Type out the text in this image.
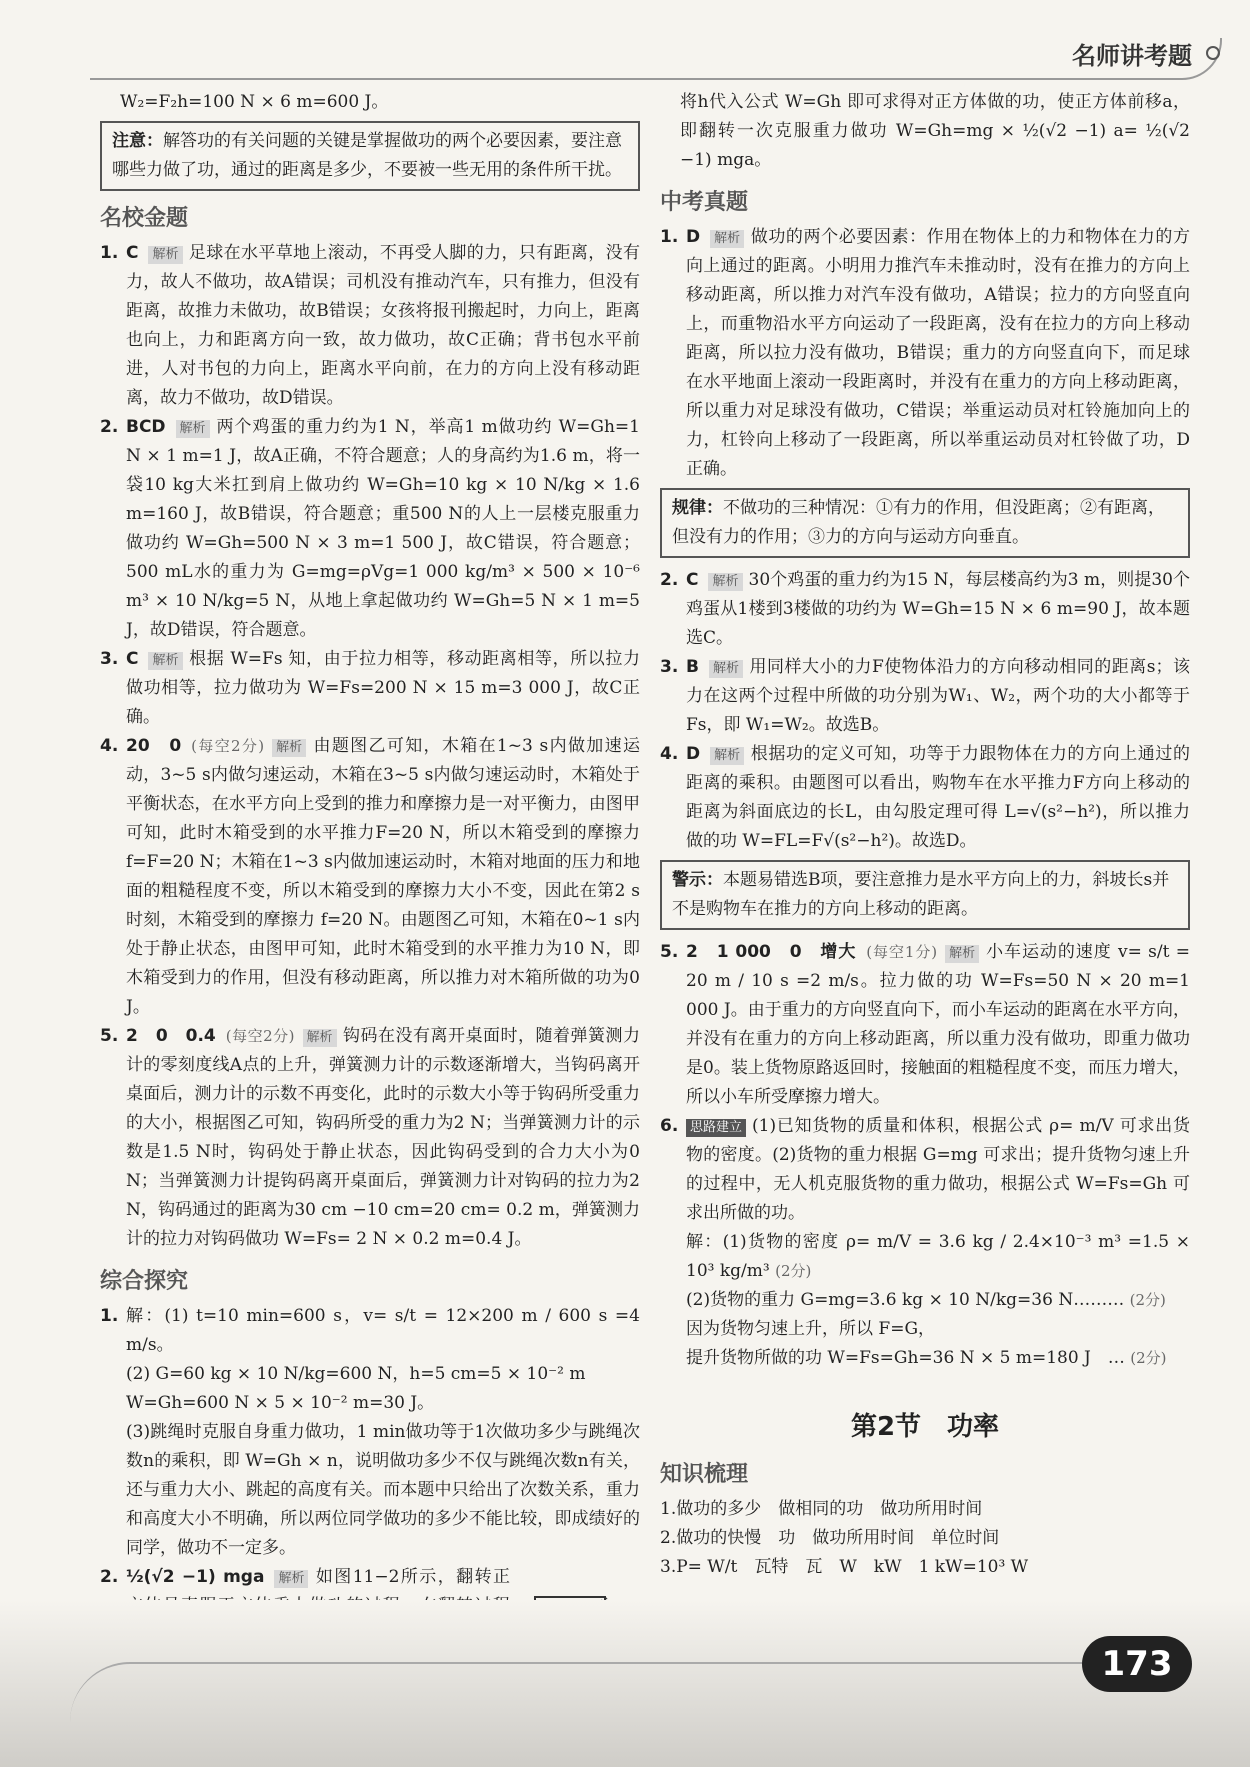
名师讲考题

W₂=F₂h=100 N × 6 m=600 J。

注意：解答功的有关问题的关键是掌握做功的两个必要因素，要注意哪些力做了功，通过的距离是多少，不要被一些无用的条件所干扰。
名校金题
1. C 解析 足球在水平草地上滚动，不再受人脚的力，只有距离，没有力，故人不做功，故A错误；司机没有推动汽车，只有推力，但没有距离，故推力未做功，故B错误；女孩将报刊搬起时，力向上，距离也向上，力和距离方向一致，故力做功，故C正确；背书包水平前进，人对书包的力向上，距离水平向前，在力的方向上没有移动距离，故力不做功，故D错误。

2. BCD 解析 两个鸡蛋的重力约为1 N，举高1 m做功约 W=Gh=1 N × 1 m=1 J，故A正确，不符合题意；人的身高约为1.6 m，将一袋10 kg大米扛到肩上做功约 W=Gh=10 kg × 10 N/kg × 1.6 m=160 J，故B错误，符合题意；重500 N的人上一层楼克服重力做功约 W=Gh=500 N × 3 m=1 500 J，故C错误，符合题意；500 mL水的重力为 G=mg=ρVg=1 000 kg/m³ × 500 × 10⁻⁶ m³ × 10 N/kg=5 N，从地上拿起做功约 W=Gh=5 N × 1 m=5 J，故D错误，符合题意。

3. C 解析 根据 W=Fs 知，由于拉力相等，移动距离相等，所以拉力做功相等，拉力做功为 W=Fs=200 N × 15 m=3 000 J，故C正确。

4. 20　0 (每空2分) 解析 由题图乙可知，木箱在1~3 s内做加速运动，3~5 s内做匀速运动，木箱在3~5 s内做匀速运动时，木箱处于平衡状态，在水平方向上受到的推力和摩擦力是一对平衡力，由图甲可知，此时木箱受到的水平推力F=20 N，所以木箱受到的摩擦力 f=F=20 N；木箱在1~3 s内做加速运动时，木箱对地面的压力和地面的粗糙程度不变，所以木箱受到的摩擦力大小不变，因此在第2 s时刻，木箱受到的摩擦力 f=20 N。由题图乙可知，木箱在0~1 s内处于静止状态，由图甲可知，此时木箱受到的水平推力为10 N，即木箱受到力的作用，但没有移动距离，所以推力对木箱所做的功为0 J。

5. 2　0　0.4 (每空2分) 解析 钩码在没有离开桌面时，随着弹簧测力计的零刻度线A点的上升，弹簧测力计的示数逐渐增大，当钩码离开桌面后，测力计的示数不再变化，此时的示数大小等于钩码所受重力的大小，根据图乙可知，钩码所受的重力为2 N；当弹簧测力计的示数是1.5 N时，钩码处于静止状态，因此钩码受到的合力大小为0 N；当弹簧测力计提钩码离开桌面后，弹簧测力计对钩码的拉力为2 N，钩码通过的距离为30 cm −10 cm=20 cm= 0.2 m，弹簧测力计的拉力对钩码做功 W=Fs= 2 N × 0.2 m=0.4 J。

综合探究
1. 解：(1) t=10 min=600 s，v= s/t = 12×200 m / 600 s =4 m/s。

(2) G=60 kg × 10 N/kg=600 N，h=5 cm=5 × 10⁻² m

W=Gh=600 N × 5 × 10⁻² m=30 J。

(3)跳绳时克服自身重力做功，1 min做功等于1次做功多少与跳绳次数n的乘积，即 W=Gh × n，说明做功多少不仅与跳绳次数n有关，还与重力大小、跳起的高度有关。而本题中只给出了次数关系，重力和高度大小不明确，所以两位同学做功的多少不能比较，即成绩好的同学，做功不一定多。

2. ½(√2 −1) mga 解析 如图11−2所示，翻转正

将h代入公式 W=Gh 即可求得对正方体做的功，使正方体前移a，即翻转一次克服重力做功 W=Gh=mg × ½(√2 −1) a= ½(√2 −1) mga。

中考真题
1. D 解析 做功的两个必要因素：作用在物体上的力和物体在力的方向上通过的距离。小明用力推汽车未推动时，没有在推力的方向上移动距离，所以推力对汽车没有做功，A错误；拉力的方向竖直向上，而重物沿水平方向运动了一段距离，没有在拉力的方向上移动距离，所以拉力没有做功，B错误；重力的方向竖直向下，而足球在水平地面上滚动一段距离时，并没有在重力的方向上移动距离，所以重力对足球没有做功，C错误；举重运动员对杠铃施加向上的力，杠铃向上移动了一段距离，所以举重运动员对杠铃做了功，D正确。

规律：不做功的三种情况：①有力的作用，但没距离；②有距离，但没有力的作用；③力的方向与运动方向垂直。
2. C 解析 30个鸡蛋的重力约为15 N，每层楼高约为3 m，则提30个鸡蛋从1楼到3楼做的功约为 W=Gh=15 N × 6 m=90 J，故本题选C。

3. B 解析 用同样大小的力F使物体沿力的方向移动相同的距离s；该力在这两个过程中所做的功分别为W₁、W₂，两个功的大小都等于Fs，即 W₁=W₂。故选B。

4. D 解析 根据功的定义可知，功等于力跟物体在力的方向上通过的距离的乘积。由题图可以看出，购物车在水平推力F方向上移动的距离为斜面底边的长L，由勾股定理可得 L=√(s²−h²)，所以推力做的功 W=FL=F√(s²−h²)。故选D。

警示：本题易错选B项，要注意推力是水平方向上的力，斜坡长s并不是购物车在推力的方向上移动的距离。
5. 2　1 000　0　增大 (每空1分) 解析 小车运动的速度 v= s/t = 20 m / 10 s =2 m/s。拉力做的功 W=Fs=50 N × 20 m=1 000 J。由于重力的方向竖直向下，而小车运动的距离在水平方向，并没有在重力的方向上移动距离，所以重力没有做功，即重力做功是0。装上货物原路返回时，接触面的粗糙程度不变，而压力增大，所以小车所受摩擦力增大。

6. 思路建立 (1)已知货物的质量和体积，根据公式 ρ= m/V 可求出货物的密度。(2)货物的重力根据 G=mg 可求出；提升货物匀速上升的过程中，无人机克服货物的重力做功，根据公式 W=Fs=Gh 可求出所做的功。

解：(1)货物的密度 ρ= m/V = 3.6 kg / 2.4×10⁻³ m³ =1.5 × 10³ kg/m³ (2分)

(2)货物的重力 G=mg=3.6 kg × 10 N/kg=36 N……… (2分)

因为货物匀速上升，所以 F=G，

提升货物所做的功 W=Fs=Gh=36 N × 5 m=180 J　… (2分)

第2节　功率
知识梳理

1.做功的多少　做相同的功　做功所用时间

2.做功的快慢　功　做功所用时间　单位时间

3.P= W/t　瓦特　瓦　W　kW　1 kW=10³ W

173
